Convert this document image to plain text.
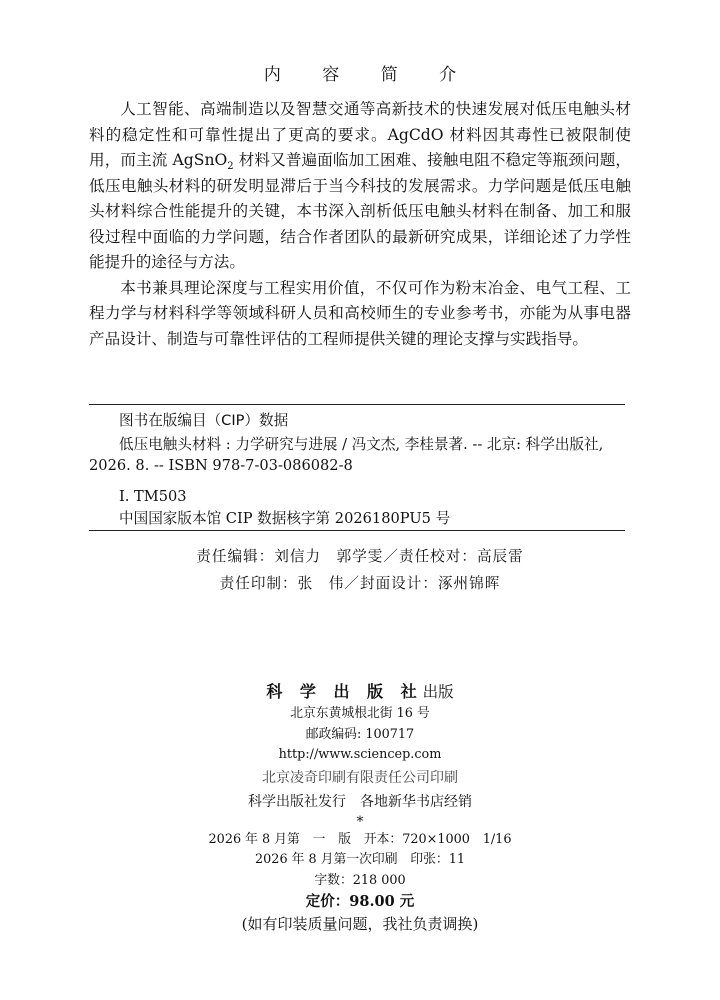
内 容 简 介

人工智能、高端制造以及智慧交通等高新技术的快速发展对低压电触头材料的稳定性和可靠性提出了更高的要求。AgCdO 材料因其毒性已被限制使用，而主流 AgSnO$_2$ 材料又普遍面临加工困难、接触电阻不稳定等瓶颈问题，低压电触头材料的研发明显滞后于当今科技的发展需求。力学问题是低压电触头材料综合性能提升的关键，本书深入剖析低压电触头材料在制备、加工和服役过程中面临的力学问题，结合作者团队的最新研究成果，详细论述了力学性能提升的途径与方法。

本书兼具理论深度与工程实用价值，不仅可作为粉末冶金、电气工程、工程力学与材料科学等领域科研人员和高校师生的专业参考书，亦能为从事电器产品设计、制造与可靠性评估的工程师提供关键的理论支撑与实践指导。

图书在版编目（CIP）数据
低压电触头材料 : 力学研究与进展 / 冯文杰, 李桂景著. -- 北京: 科学出版社, 2026. 8. -- ISBN 978-7-03-086082-8
Ⅰ. TM503
中国国家版本馆 CIP 数据核字第 2026180PU5 号
责任编辑：刘信力　郭学雯／责任校对：高辰雷
责任印制：张　伟／封面设计：涿州锦晖
科 学 出 版 社出版
北京东黄城根北街 16 号
邮政编码: 100717
http://www.sciencep.com
北京凌奇印刷有限责任公司印刷
科学出版社发行　各地新华书店经销
*
2026 年 8 月第　一　版　开本：720×1000　1/16
2026 年 8 月第一次印刷　印张：11
字数：218 000
定价：98.00 元
(如有印装质量问题，我社负责调换)
